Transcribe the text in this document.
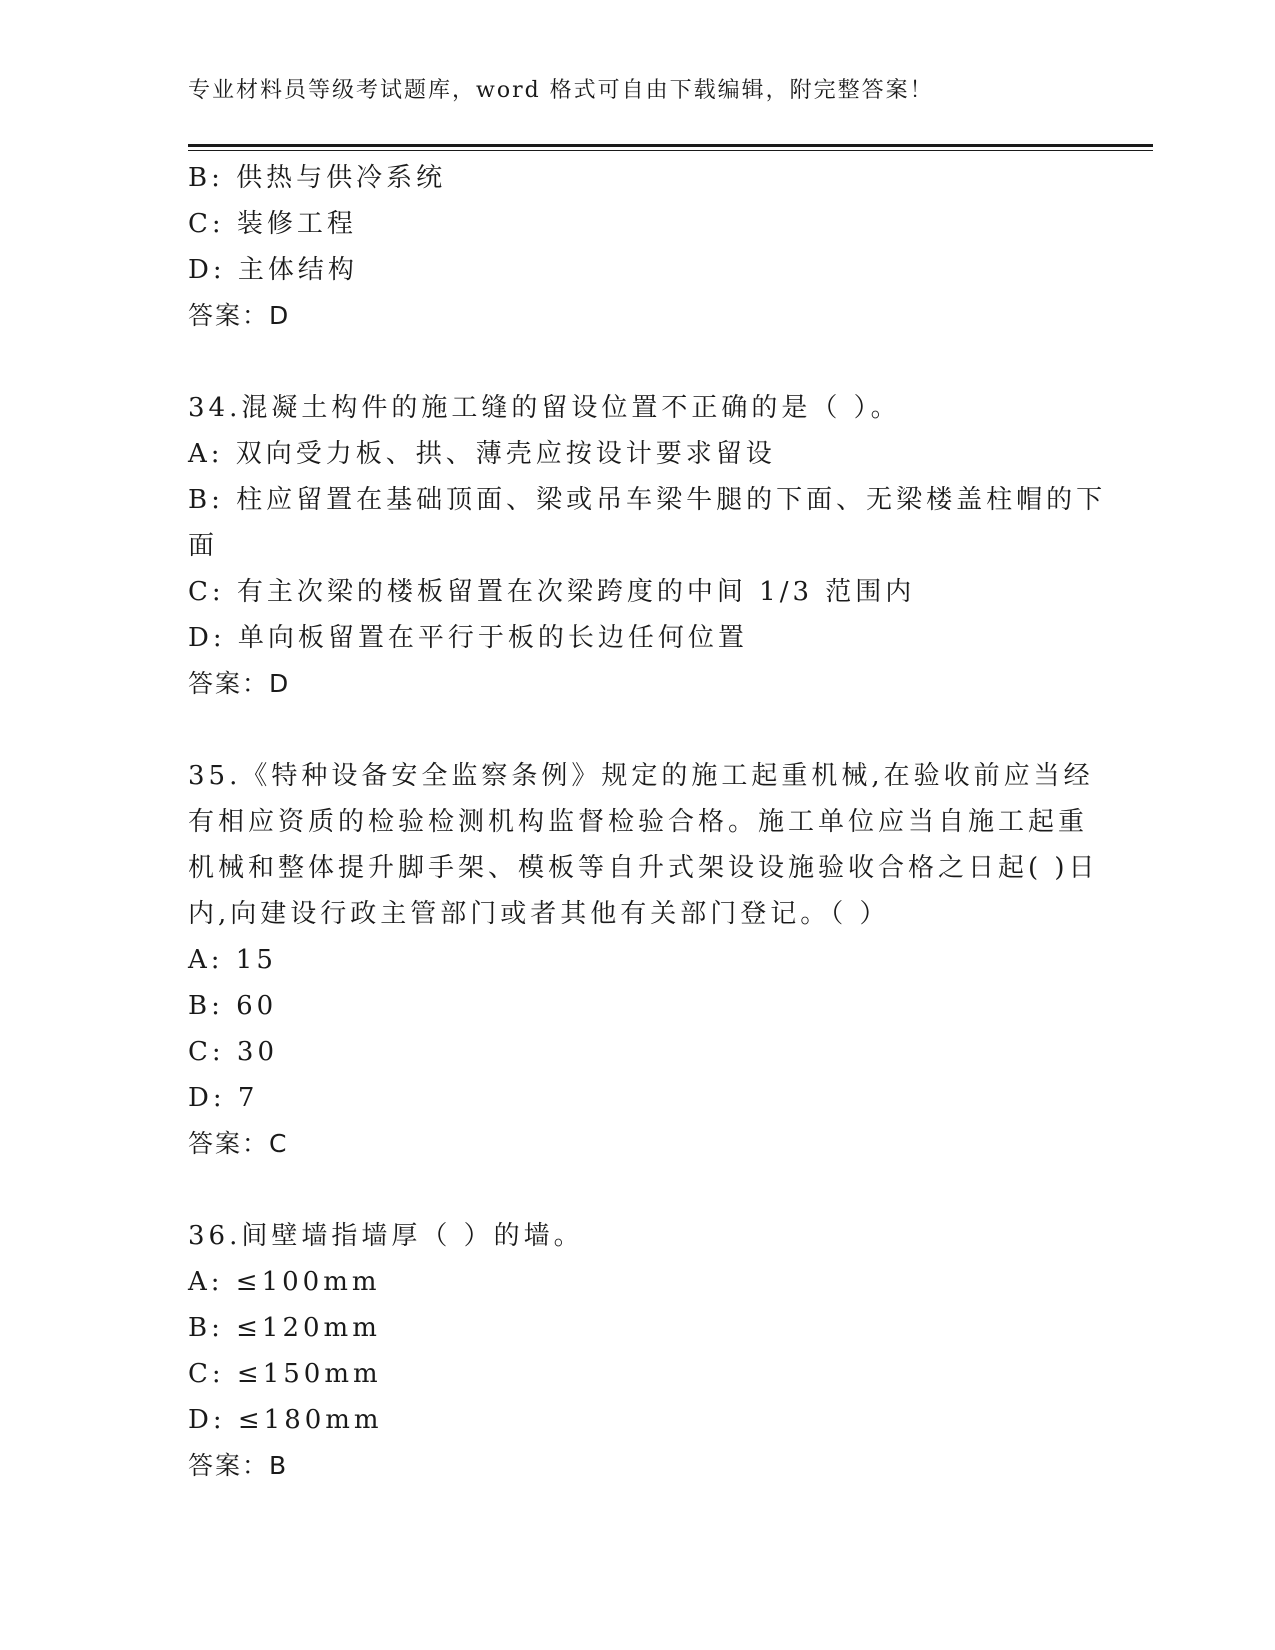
专业材料员等级考试题库，word 格式可自由下载编辑，附完整答案！
B: 供热与供冷系统
C: 装修工程
D: 主体结构
答案：D
34.混凝土构件的施工缝的留设位置不正确的是（ ）。
A: 双向受力板、拱、薄壳应按设计要求留设
B: 柱应留置在基础顶面、梁或吊车梁牛腿的下面、无梁楼盖柱帽的下
面
C: 有主次梁的楼板留置在次梁跨度的中间 1/3 范围内
D: 单向板留置在平行于板的长边任何位置
答案：D
35.《特种设备安全监察条例》规定的施工起重机械,在验收前应当经
有相应资质的检验检测机构监督检验合格。施工单位应当自施工起重
机械和整体提升脚手架、模板等自升式架设设施验收合格之日起( )日
内,向建设行政主管部门或者其他有关部门登记。（ ）
A: 15
B: 60
C: 30
D: 7
答案：C
36.间壁墙指墙厚（ ）的墙。
A: ≤100mm
B: ≤120mm
C: ≤150mm
D: ≤180mm
答案：B
